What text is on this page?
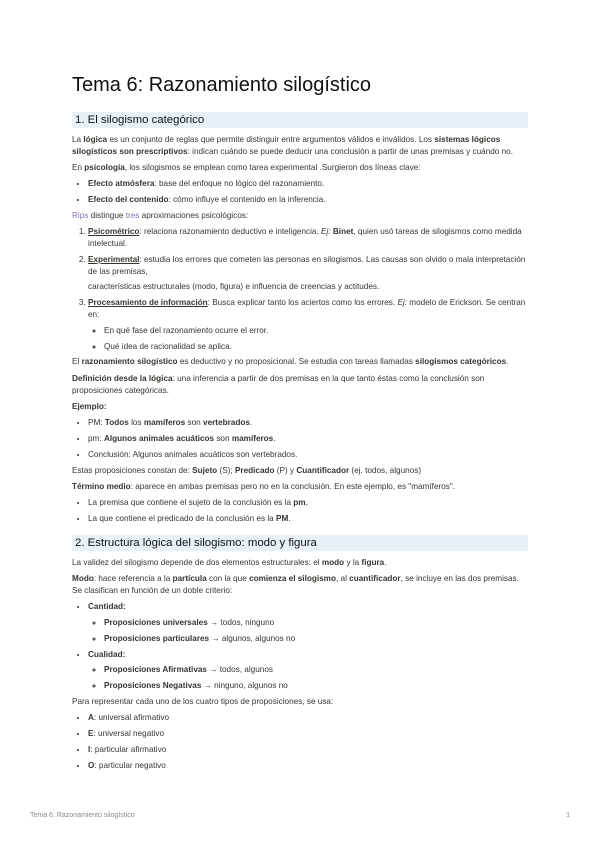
Tema 6: Razonamiento silogístico
1. El silogismo categórico

La lógica es un conjunto de reglas que permite distinguir entre argumentos válidos e inválidos. Los sistemas lógicos silogísticos son prescriptivos: indican cuándo se puede deducir una conclusión a partir de unas premisas y cuándo no.

En psicología, los silogismos se emplean como tarea experimental .Surgieron dos líneas clave:

• Efecto atmósfera: base del enfoque no lógico del razonamiento.
• Efecto del contenido: cómo influye el contenido en la inferencia.

Rips distingue tres aproximaciones psicológicos:

1. Psicométrico: relaciona razonamiento deductivo e inteligencia. Ej: Binet, quien usó tareas de silogismos como medida intelectual.
2. Experimental: estudia los errores que cometen las personas en silogismos. Las causas son olvido o mala interpretación de las premisas,
características estructurales (modo, figura) e influencia de creencias y actitudes.
3. Procesamiento de información: Busca explicar tanto los aciertos como los errores. Ej: modelo de Erickson. Se centran en:
◦ En qué fase del razonamiento ocurre el error.
◦ Qué idea de racionalidad se aplica.

El razonamiento silogístico es deductivo y no proposicional. Se estudia con tareas llamadas silogismos categóricos.

Definición desde la lógica: una inferencia a partir de dos premisas en la que tanto éstas como la conclusión son proposiciones categóricas.

Ejemplo:

• PM: Todos los mamíferos son vertebrados.
• pm: Algunos animales acuáticos son mamíferos.
• Conclusión: Algunos animales acuáticos son vertebrados.

Estas proposiciones constan de: Sujeto (S); Predicado (P) y Cuantificador (ej. todos, algunos)

Término medio: aparece en ambas premisas pero no en la conclusión. En este ejemplo, es "mamíferos".

• La premisa que contiene el sujeto de la conclusión es la pm.
• La que contiene el predicado de la conclusión es la PM.
2. Estructura lógica del silogismo: modo y figura

La validez del silogismo depende de dos elementos estructurales: el modo y la figura.

Modo: hace referencia a la partícula con la que comienza el silogismo, al cuantificador, se incluye en las dos premisas. Se clasifican en función de un doble criterio:

• Cantidad:
◦ Proposiciones universales → todos, ninguno
◦ Proposiciones particulares → algunos, algunos no
• Cualidad:
◦ Proposiciones Afirmativas → todos, algunos
◦ Proposiciones Negativas → ninguno, algunos no

Para representar cada uno de los cuatro tipos de proposiciones, se usa:

• A: universal afirmativo
• E: universal negativo
• I: particular afirmativo
• O: particular negativo
Tema 6: Razonamiento silogístico	1
